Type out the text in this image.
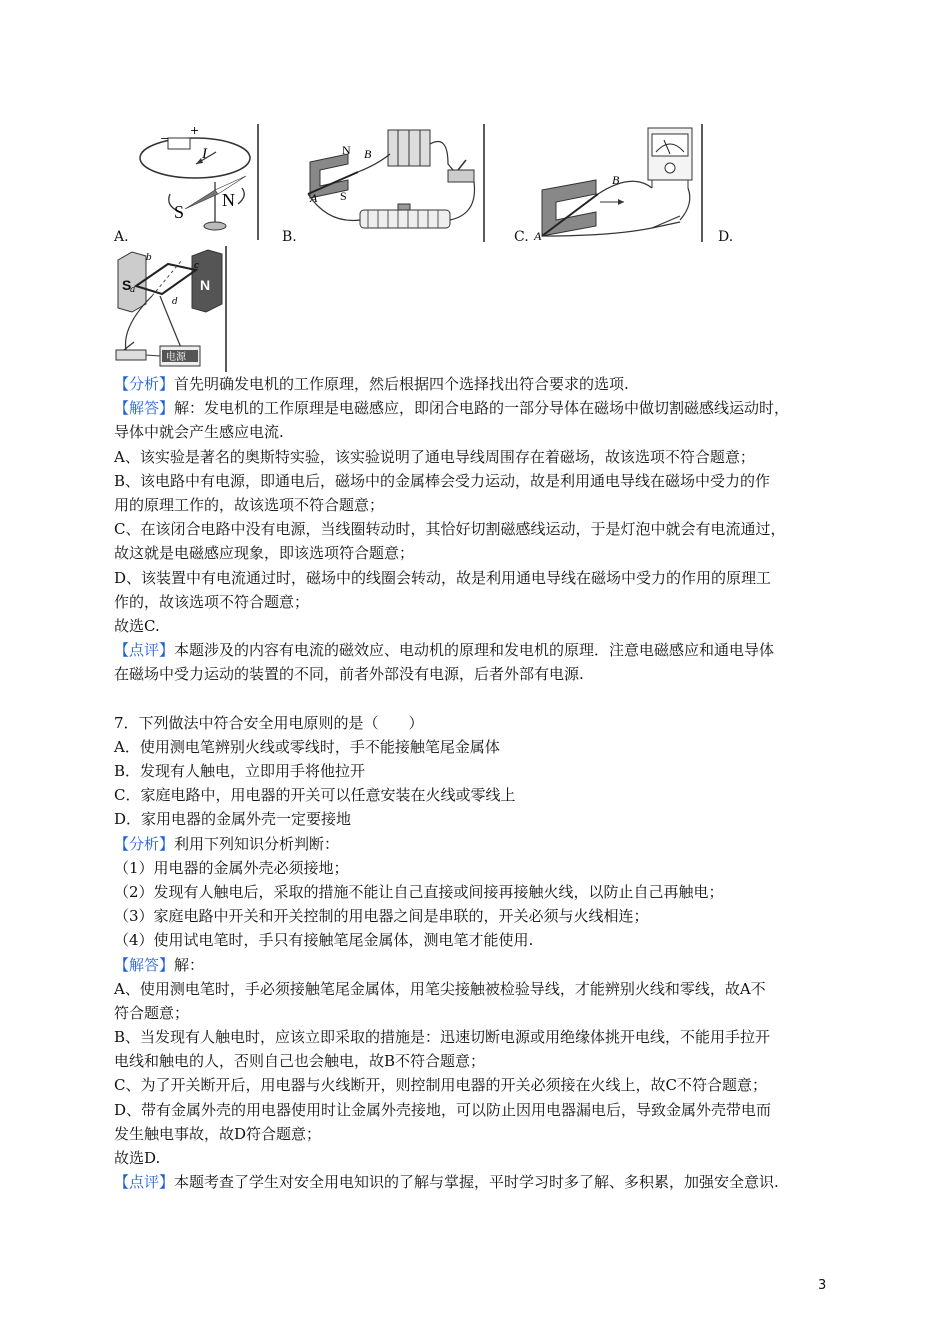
A.
I
−
+
S
N
B.
N
S
A
B
C. A
B
D.
S	N
b
c
a
d
电源
【分析】首先明确发电机的工作原理，然后根据四个选择找出符合要求的选项.
【解答】解：发电机的工作原理是电磁感应，即闭合电路的一部分导体在磁场中做切割磁感线运动时，
导体中就会产生感应电流.
A、该实验是著名的奥斯特实验，该实验说明了通电导线周围存在着磁场，故该选项不符合题意；
B、该电路中有电源，即通电后，磁场中的金属棒会受力运动，故是利用通电导线在磁场中受力的作
用的原理工作的，故该选项不符合题意；
C、在该闭合电路中没有电源，当线圈转动时，其恰好切割磁感线运动，于是灯泡中就会有电流通过，
故这就是电磁感应现象，即该选项符合题意；
D、该装置中有电流通过时，磁场中的线圈会转动，故是利用通电导线在磁场中受力的作用的原理工
作的，故该选项不符合题意；
故选C.
【点评】本题涉及的内容有电流的磁效应、电动机的原理和发电机的原理．注意电磁感应和通电导体
在磁场中受力运动的装置的不同，前者外部没有电源，后者外部有电源.
7．下列做法中符合安全用电原则的是（　　）
A．使用测电笔辨别火线或零线时，手不能接触笔尾金属体
B．发现有人触电，立即用手将他拉开
C．家庭电路中，用电器的开关可以任意安装在火线或零线上
D．家用电器的金属外壳一定要接地
【分析】利用下列知识分析判断：
（1）用电器的金属外壳必须接地；
（2）发现有人触电后，采取的措施不能让自己直接或间接再接触火线，以防止自己再触电；
（3）家庭电路中开关和开关控制的用电器之间是串联的，开关必须与火线相连；
（4）使用试电笔时，手只有接触笔尾金属体，测电笔才能使用.
【解答】解：
A、使用测电笔时，手必须接触笔尾金属体，用笔尖接触被检验导线，才能辨别火线和零线，故A不
符合题意；
B、当发现有人触电时，应该立即采取的措施是：迅速切断电源或用绝缘体挑开电线，不能用手拉开
电线和触电的人，否则自己也会触电，故B不符合题意；
C、为了开关断开后，用电器与火线断开，则控制用电器的开关必须接在火线上，故C不符合题意；
D、带有金属外壳的用电器使用时让金属外壳接地，可以防止因用电器漏电后，导致金属外壳带电而
发生触电事故，故D符合题意；
故选D.
【点评】本题考查了学生对安全用电知识的了解与掌握，平时学习时多了解、多积累，加强安全意识.
3
